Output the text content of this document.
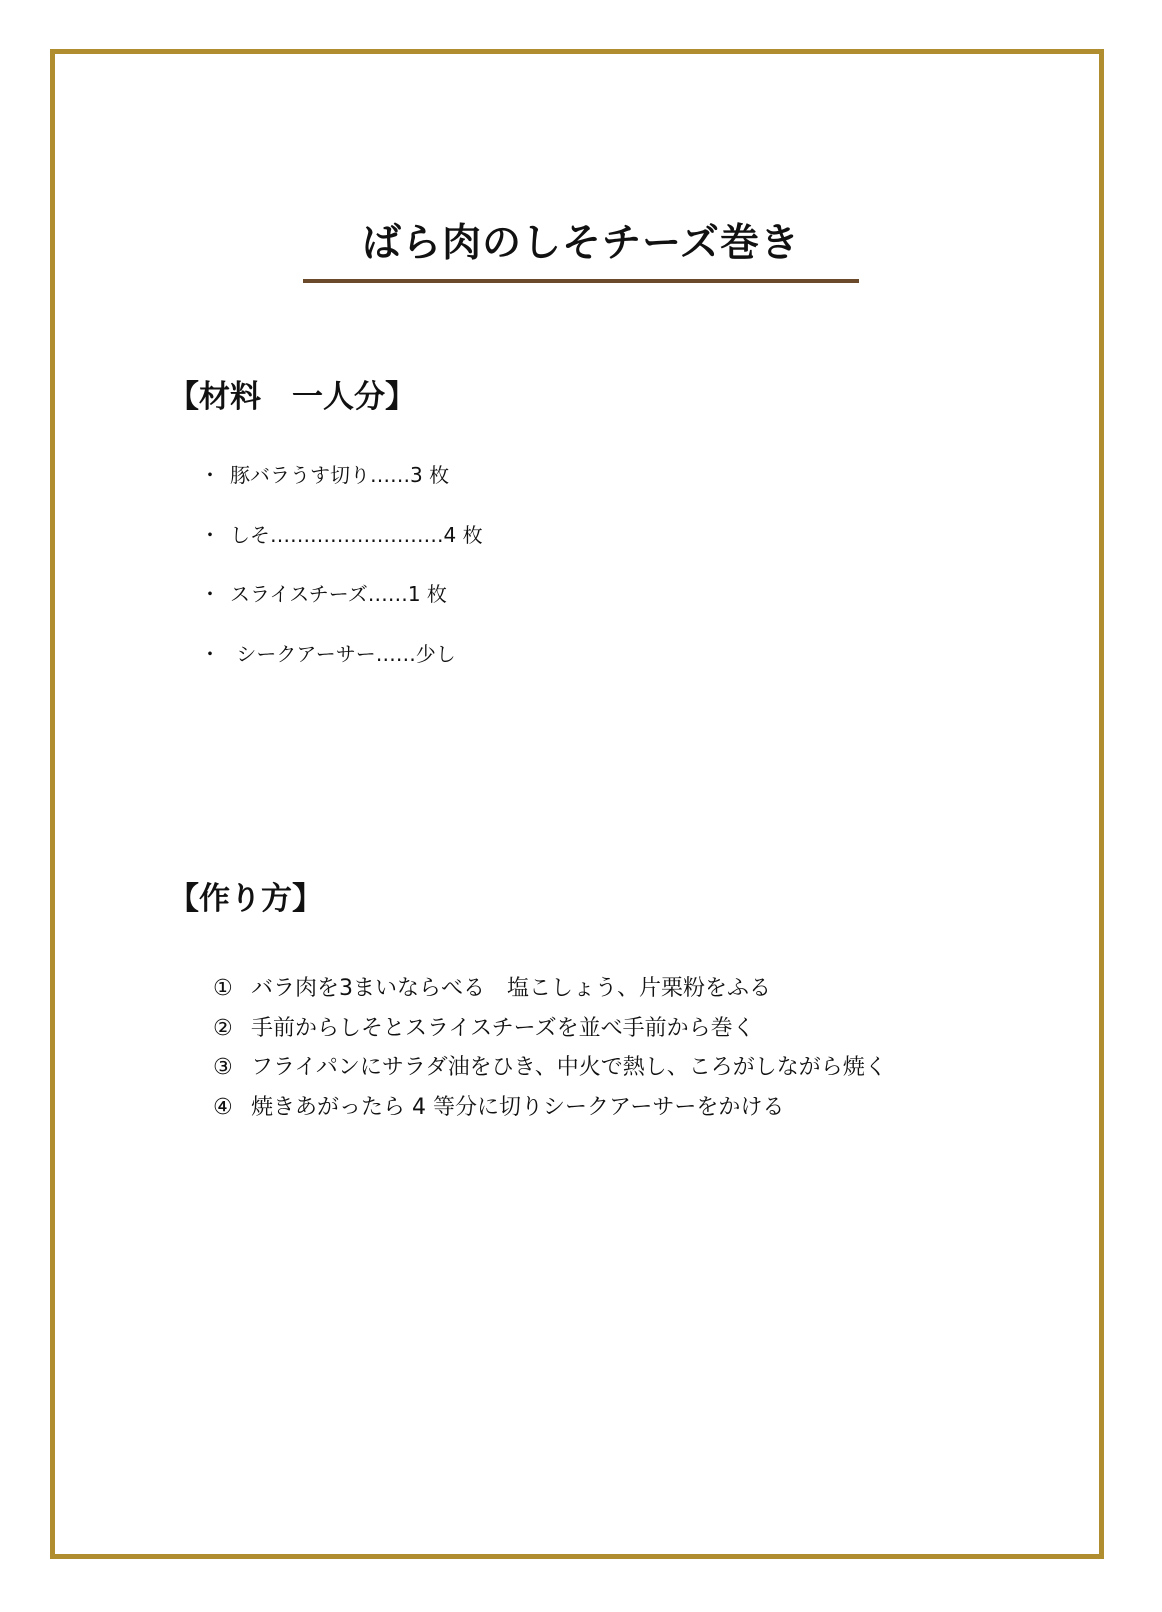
ばら肉のしそチーズ巻き
【材料　一人分】
・ 豚バラうす切り‥‥‥3 枚
・ しそ‥‥‥‥‥‥‥‥‥‥‥‥‥4 枚
・ スライスチーズ‥‥‥1 枚
・ シークアーサー‥‥‥少し
【作り方】
① バラ肉を3まいならべる　塩こしょう、片栗粉をふる
② 手前からしそとスライスチーズを並べ手前から巻く
③ フライパンにサラダ油をひき、中火で熱し、ころがしながら焼く
④ 焼きあがったら 4 等分に切りシークアーサーをかける
